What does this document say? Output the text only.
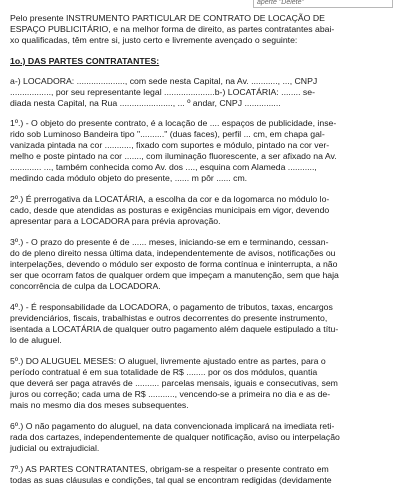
aperte "Delete"

Pelo presente INSTRUMENTO PARTICULAR DE CONTRATO DE LOCAÇÃO DE
ESPAÇO PUBLICITÁRIO, e na melhor forma de direito, as partes contratantes abai-
xo qualificadas, têm entre si, justo certo e livremente avençado o seguinte:

1o.) DAS PARTES CONTRATANTES:

a-) LOCADORA: ...................., com sede nesta Capital, na Av. ..........., ..., CNPJ
................., por seu representante legal .....................b-) LOCATÁRIA: ........ se-
diada nesta Capital, na Rua ......................, ... º andar, CNPJ ...............

1º.) - O objeto do presente contrato, é a locação de .... espaços de publicidade, inse-
rido sob Luminoso Bandeira tipo ".........." (duas faces), perfil ... cm, em chapa gal-
vanizada pintada na cor ..........., fixado com suportes e módulo, pintado na cor ver-
melho e poste pintado na cor ......., com iluminação fluorescente, a ser afixado na Av.
............. ..., também conhecida como Av. dos ...., esquina com Alameda ...........,
medindo cada módulo objeto do presente, ...... m pôr ...... cm.

2º.) É prerrogativa da LOCATÁRIA, a escolha da cor e da logomarca no módulo lo-
cado, desde que atendidas as posturas e exigências municipais em vigor, devendo
apresentar para a LOCADORA para prévia aprovação.

3º.) - O prazo do presente é de ...... meses, iniciando-se em e terminando, cessan-
do de pleno direito nessa última data, independentemente de avisos, notificações ou
interpelações, devendo o módulo ser exposto de forma contínua e ininterrupta, a não
ser que ocorram fatos de qualquer ordem que impeçam a manutenção, sem que haja
concorrência de culpa da LOCADORA.

4º.) - É responsabilidade da LOCADORA, o pagamento de tributos, taxas, encargos
previdenciários, fiscais, trabalhistas e outros decorrentes do presente instrumento,
isentada a LOCATÁRIA de qualquer outro pagamento além daquele estipulado a títu-
lo de aluguel.

5º.) DO ALUGUEL MESES: O aluguel, livremente ajustado entre as partes, para o
período contratual é em sua totalidade de R$ ........ por os dos módulos, quantia
que deverá ser paga através de .......... parcelas mensais, iguais e consecutivas, sem
juros ou correção; cada uma de R$ ..........., vencendo-se a primeira no dia e as de-
mais no mesmo dia dos meses subsequentes.

6º.) O não pagamento do aluguel, na data convencionada implicará na imediata reti-
rada dos cartazes, independentemente de qualquer notificação, aviso ou interpelação
judicial ou extrajudicial.

7º.) AS PARTES CONTRATANTES, obrigam-se a respeitar o presente contrato em
todas as suas cláusulas e condições, tal qual se encontram redigidas (devidamente
